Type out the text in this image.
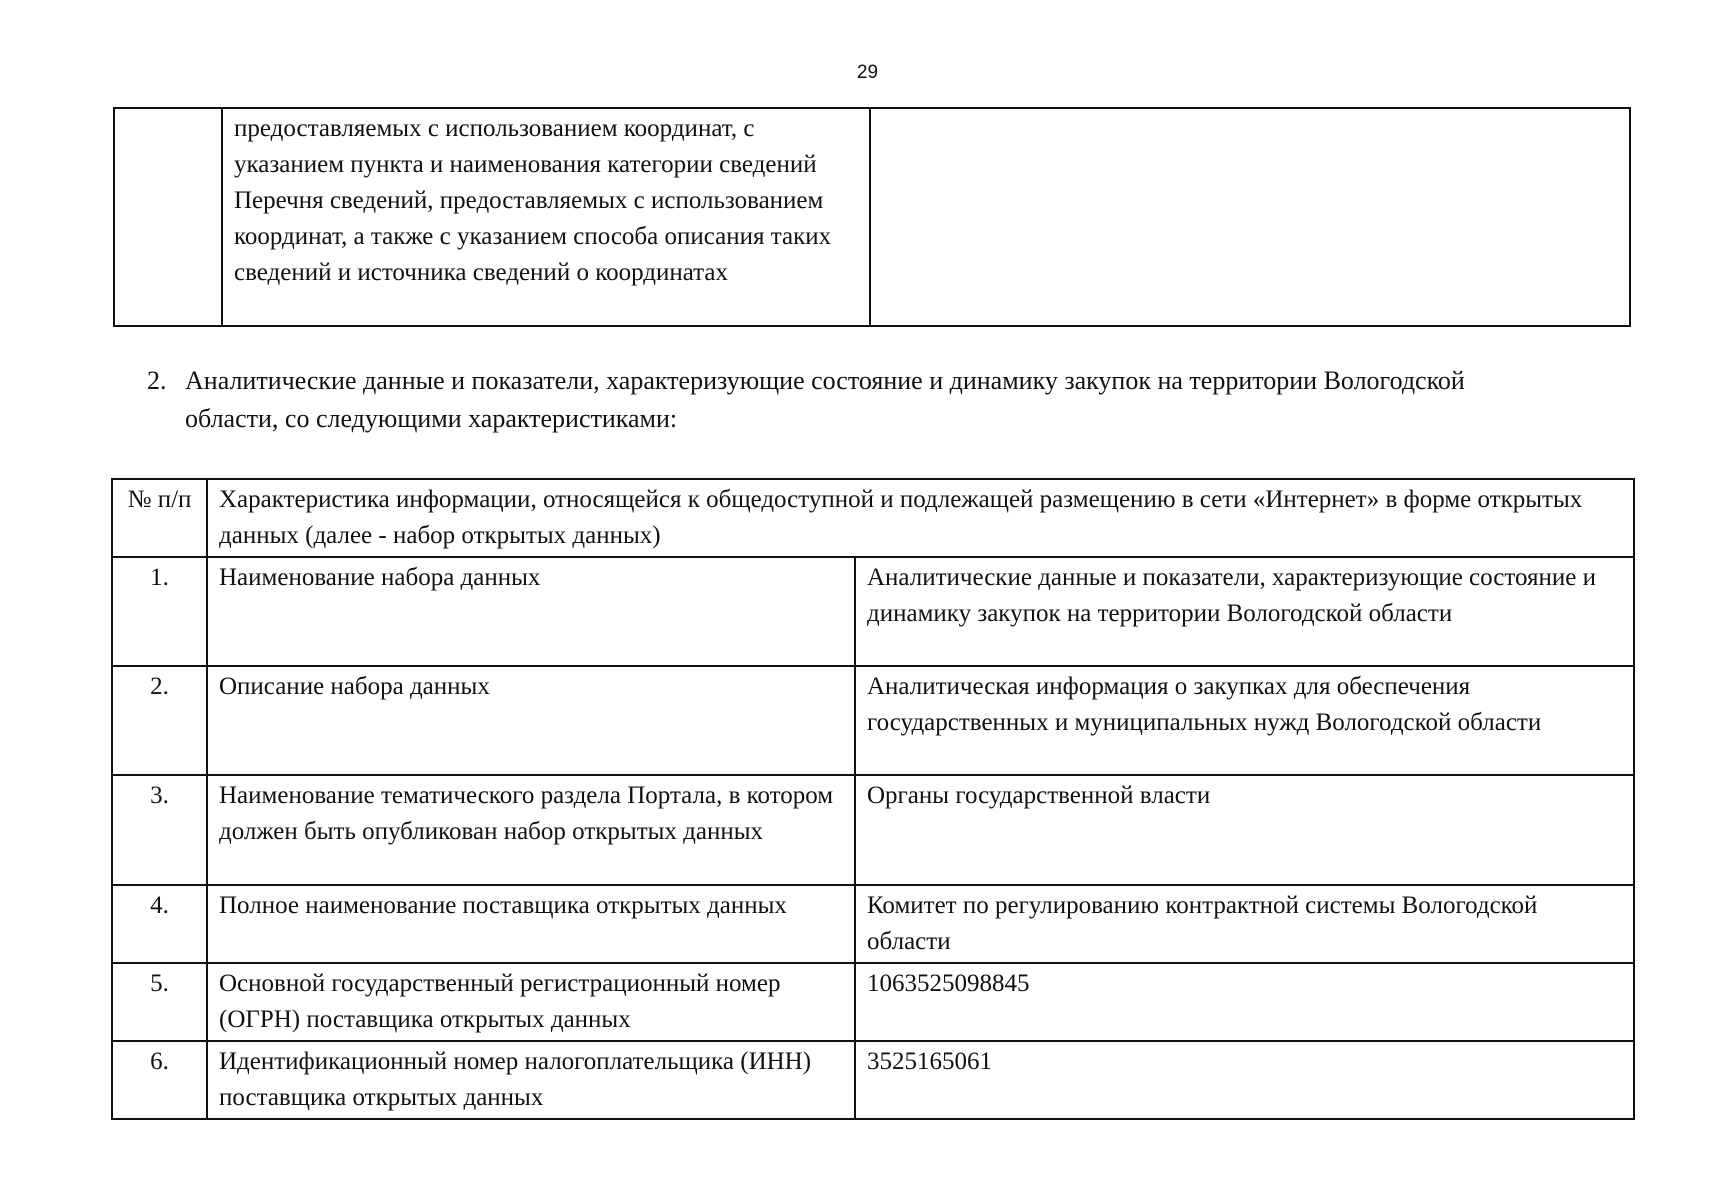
29
	предоставляемых с использованием координат, с указанием пункта и наименования категории сведений Перечня сведений, предоставляемых с использованием координат, а также с указанием способа описания таких сведений и источника сведений о координатах	
2. Аналитические данные и показатели, характеризующие состояние и динамику закупок на территории Вологодской
области, со следующими характеристиками:
№ п/п	Характеристика информации, относящейся к общедоступной и подлежащей размещению в сети «Интернет» в форме открытых данных (далее - набор открытых данных)	
1.	Наименование набора данных	Аналитические данные и показатели, характеризующие состояние и динамику закупок на территории Вологодской области
2.	Описание набора данных	Аналитическая информация о закупках для обеспечения государственных и муниципальных нужд Вологодской области
3.	Наименование тематического раздела Портала, в котором должен быть опубликован набор открытых данных	Органы государственной власти
4.	Полное наименование поставщика открытых данных	Комитет по регулированию контрактной системы Вологодской области
5.	Основной государственный регистрационный номер (ОГРН) поставщика открытых данных	1063525098845
6.	Идентификационный номер налогоплательщика (ИНН) поставщика открытых данных	3525165061
